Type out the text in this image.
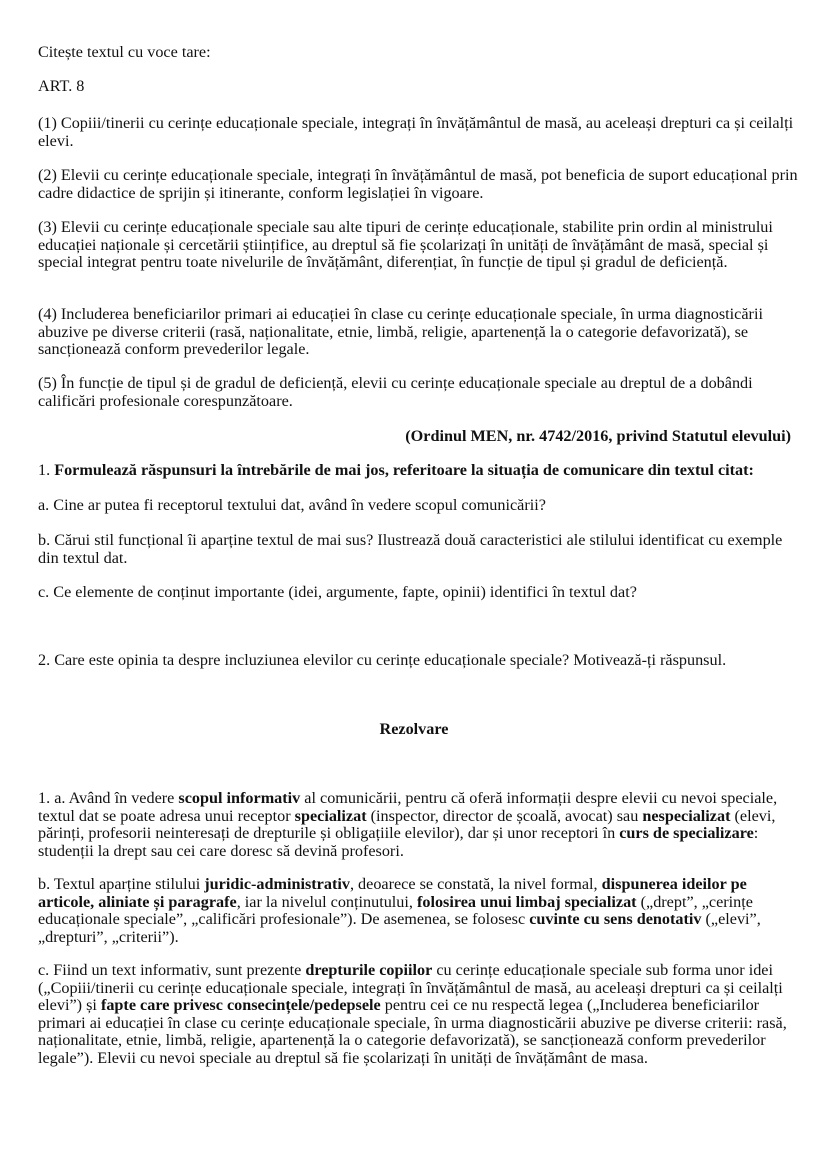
Citește textul cu voce tare:

ART. 8

(1) Copiii/tinerii cu cerințe educaționale speciale, integrați în învățământul de masă, au aceleași drepturi ca și ceilalți elevi.

(2) Elevii cu cerințe educaționale speciale, integrați în învățământul de masă, pot beneficia de suport educațional prin cadre didactice de sprijin și itinerante, conform legislației în vigoare.

(3) Elevii cu cerințe educaționale speciale sau alte tipuri de cerințe educaționale, stabilite prin ordin al ministrului educației naționale și cercetării științifice, au dreptul să fie școlarizați în unități de învățământ de masă, special și special integrat pentru toate nivelurile de învățământ, diferențiat, în funcție de tipul și gradul de deficiență.

(4) Includerea beneficiarilor primari ai educației în clase cu cerințe educaționale speciale, în urma diagnosticării abuzive pe diverse criterii (rasă, naționalitate, etnie, limbă, religie, apartenență la o categorie defavorizată), se sancționează conform prevederilor legale.

(5) În funcție de tipul și de gradul de deficiență, elevii cu cerințe educaționale speciale au dreptul de a dobândi calificări profesionale corespunzătoare.

(Ordinul MEN, nr. 4742/2016, privind Statutul elevului)

1. Formulează răspunsuri la întrebările de mai jos, referitoare la situația de comunicare din textul citat:

a. Cine ar putea fi receptorul textului dat, având în vedere scopul comunicării?

b. Cărui stil funcțional îi aparține textul de mai sus? Ilustrează două caracteristici ale stilului identificat cu exemple din textul dat.

c. Ce elemente de conținut importante (idei, argumente, fapte, opinii) identifici în textul dat?

2. Care este opinia ta despre incluziunea elevilor cu cerințe educaționale speciale? Motivează-ți răspunsul.

Rezolvare

1. a. Având în vedere scopul informativ al comunicării, pentru că oferă informații despre elevii cu nevoi speciale, textul dat se poate adresa unui receptor specializat (inspector, director de școală, avocat) sau nespecializat (elevi, părinți, profesorii neinteresați de drepturile și obligațiile elevilor), dar și unor receptori în curs de specializare: studenții la drept sau cei care doresc să devină profesori.

b. Textul aparține stilului juridic-administrativ, deoarece se constată, la nivel formal, dispunerea ideilor pe articole, aliniate și paragrafe, iar la nivelul conținutului, folosirea unui limbaj specializat („drept”, „cerințe educaționale speciale”, „calificări profesionale”). De asemenea, se folosesc cuvinte cu sens denotativ („elevi”, „drepturi”, „criterii”).

c. Fiind un text informativ, sunt prezente drepturile copiilor cu cerințe educaționale speciale sub forma unor idei („Copiii/tinerii cu cerințe educaționale speciale, integrați în învățământul de masă, au aceleași drepturi ca și ceilalți elevi”) și fapte care privesc consecințele/pedepsele pentru cei ce nu respectă legea („Includerea beneficiarilor primari ai educației în clase cu cerințe educaționale speciale, în urma diagnosticării abuzive pe diverse criterii: rasă, naționalitate, etnie, limbă, religie, apartenență la o categorie defavorizată), se sancționează conform prevederilor legale”). Elevii cu nevoi speciale au dreptul să fie școlarizați în unități de învățământ de masa.
